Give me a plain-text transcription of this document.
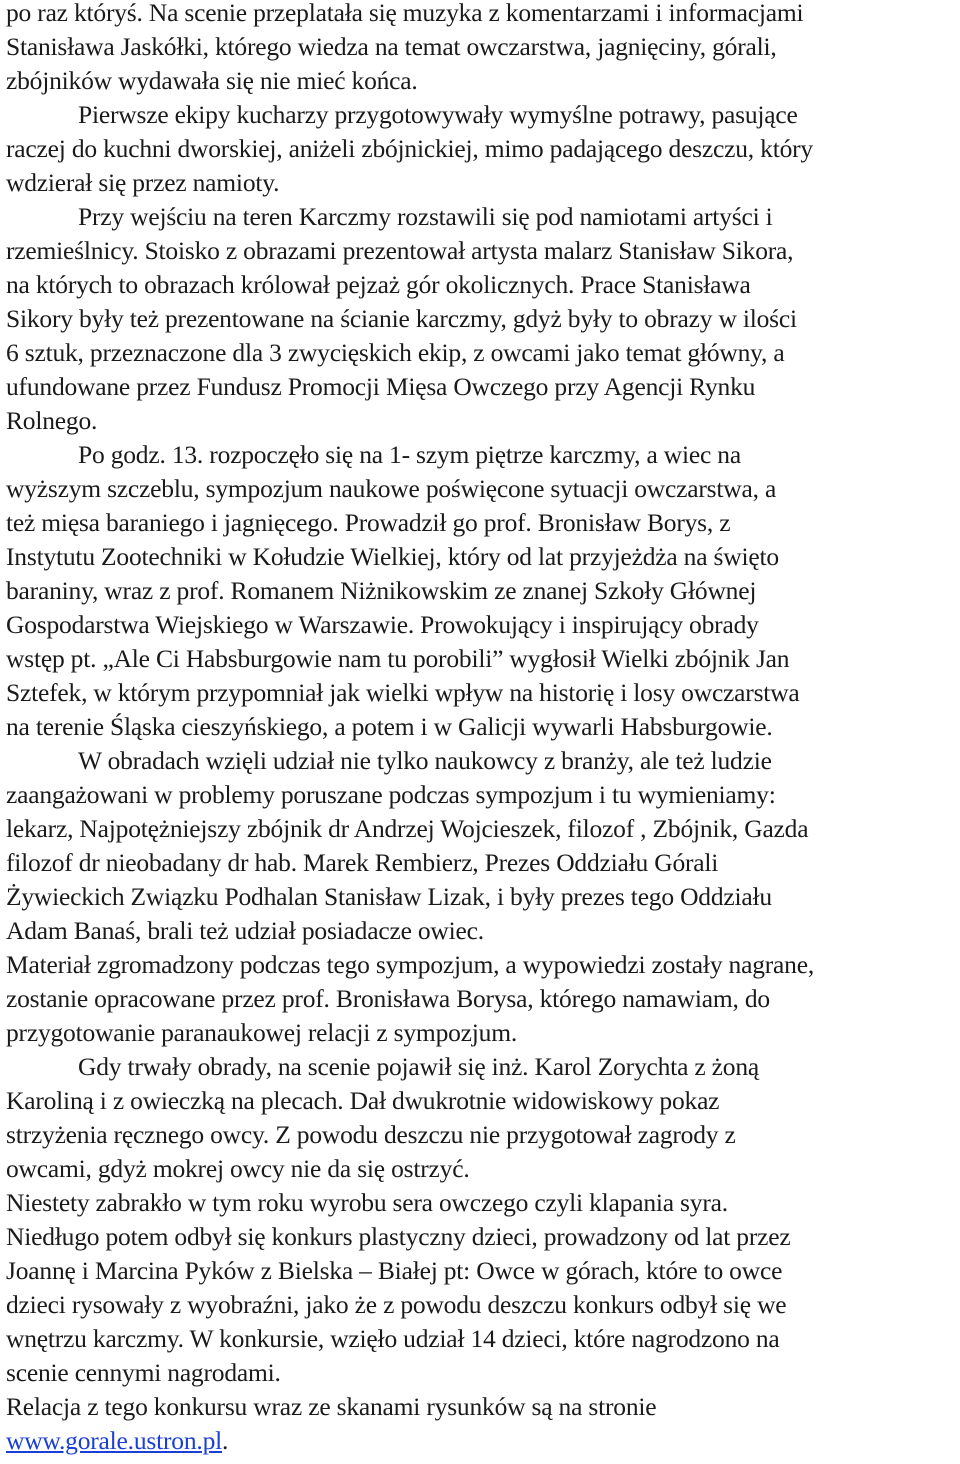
po raz któryś. Na scenie przeplatała się muzyka z komentarzami i informacjami
Stanisława Jaskółki, którego wiedza na temat owczarstwa, jagnięciny, górali,
zbójników wydawała się nie mieć końca.
Pierwsze ekipy kucharzy przygotowywały wymyślne potrawy, pasujące
raczej do kuchni dworskiej, aniżeli zbójnickiej, mimo padającego deszczu, który
wdzierał się przez namioty.
Przy wejściu na teren Karczmy rozstawili się pod namiotami artyści i
rzemieślnicy. Stoisko z obrazami prezentował artysta malarz Stanisław Sikora,
na których to obrazach królował pejzaż gór okolicznych. Prace Stanisława
Sikory były też prezentowane na ścianie karczmy, gdyż były to obrazy w ilości
6 sztuk, przeznaczone dla 3 zwycięskich ekip, z owcami jako temat główny, a
ufundowane przez Fundusz Promocji Mięsa Owczego przy Agencji Rynku
Rolnego.
Po godz. 13. rozpoczęło się na 1- szym piętrze karczmy, a wiec na
wyższym szczeblu, sympozjum naukowe poświęcone sytuacji owczarstwa, a
też mięsa baraniego i jagnięcego. Prowadził go prof. Bronisław Borys, z
Instytutu Zootechniki w Kołudzie Wielkiej, który od lat przyjeżdża na święto
baraniny, wraz z prof. Romanem Niżnikowskim ze znanej Szkoły Głównej
Gospodarstwa Wiejskiego w Warszawie. Prowokujący i inspirujący obrady
wstęp pt. „Ale Ci Habsburgowie nam tu porobili” wygłosił Wielki zbójnik Jan
Sztefek, w którym przypomniał jak wielki wpływ na historię i losy owczarstwa
na terenie Śląska cieszyńskiego, a potem i w Galicji wywarli Habsburgowie.
W obradach wzięli udział nie tylko naukowcy z branży, ale też ludzie
zaangażowani w problemy poruszane podczas sympozjum i tu wymieniamy:
lekarz, Najpotężniejszy zbójnik dr Andrzej Wojcieszek, filozof , Zbójnik, Gazda
filozof dr nieobadany dr hab. Marek Rembierz, Prezes Oddziału Górali
Żywieckich Związku Podhalan Stanisław Lizak, i były prezes tego Oddziału
Adam Banaś, brali też udział posiadacze owiec.
Materiał zgromadzony podczas tego sympozjum, a wypowiedzi zostały nagrane,
zostanie opracowane przez prof. Bronisława Borysa, którego namawiam, do
przygotowanie paranaukowej relacji z sympozjum.
Gdy trwały obrady, na scenie pojawił się inż. Karol Zorychta z żoną
Karoliną i z owieczką na plecach. Dał dwukrotnie widowiskowy pokaz
strzyżenia ręcznego owcy. Z powodu deszczu nie przygotował zagrody z
owcami, gdyż mokrej owcy nie da się ostrzyć.
Niestety zabrakło w tym roku wyrobu sera owczego czyli klapania syra.
Niedługo potem odbył się konkurs plastyczny dzieci, prowadzony od lat przez
Joannę i Marcina Pyków z Bielska – Białej pt: Owce w górach, które to owce
dzieci rysowały z wyobraźni, jako że z powodu deszczu konkurs odbył się we
wnętrzu karczmy. W konkursie, wzięło udział 14 dzieci, które nagrodzono na
scenie cennymi nagrodami.
Relacja z tego konkursu wraz ze skanami rysunków są na stronie
www.gorale.ustron.pl.
